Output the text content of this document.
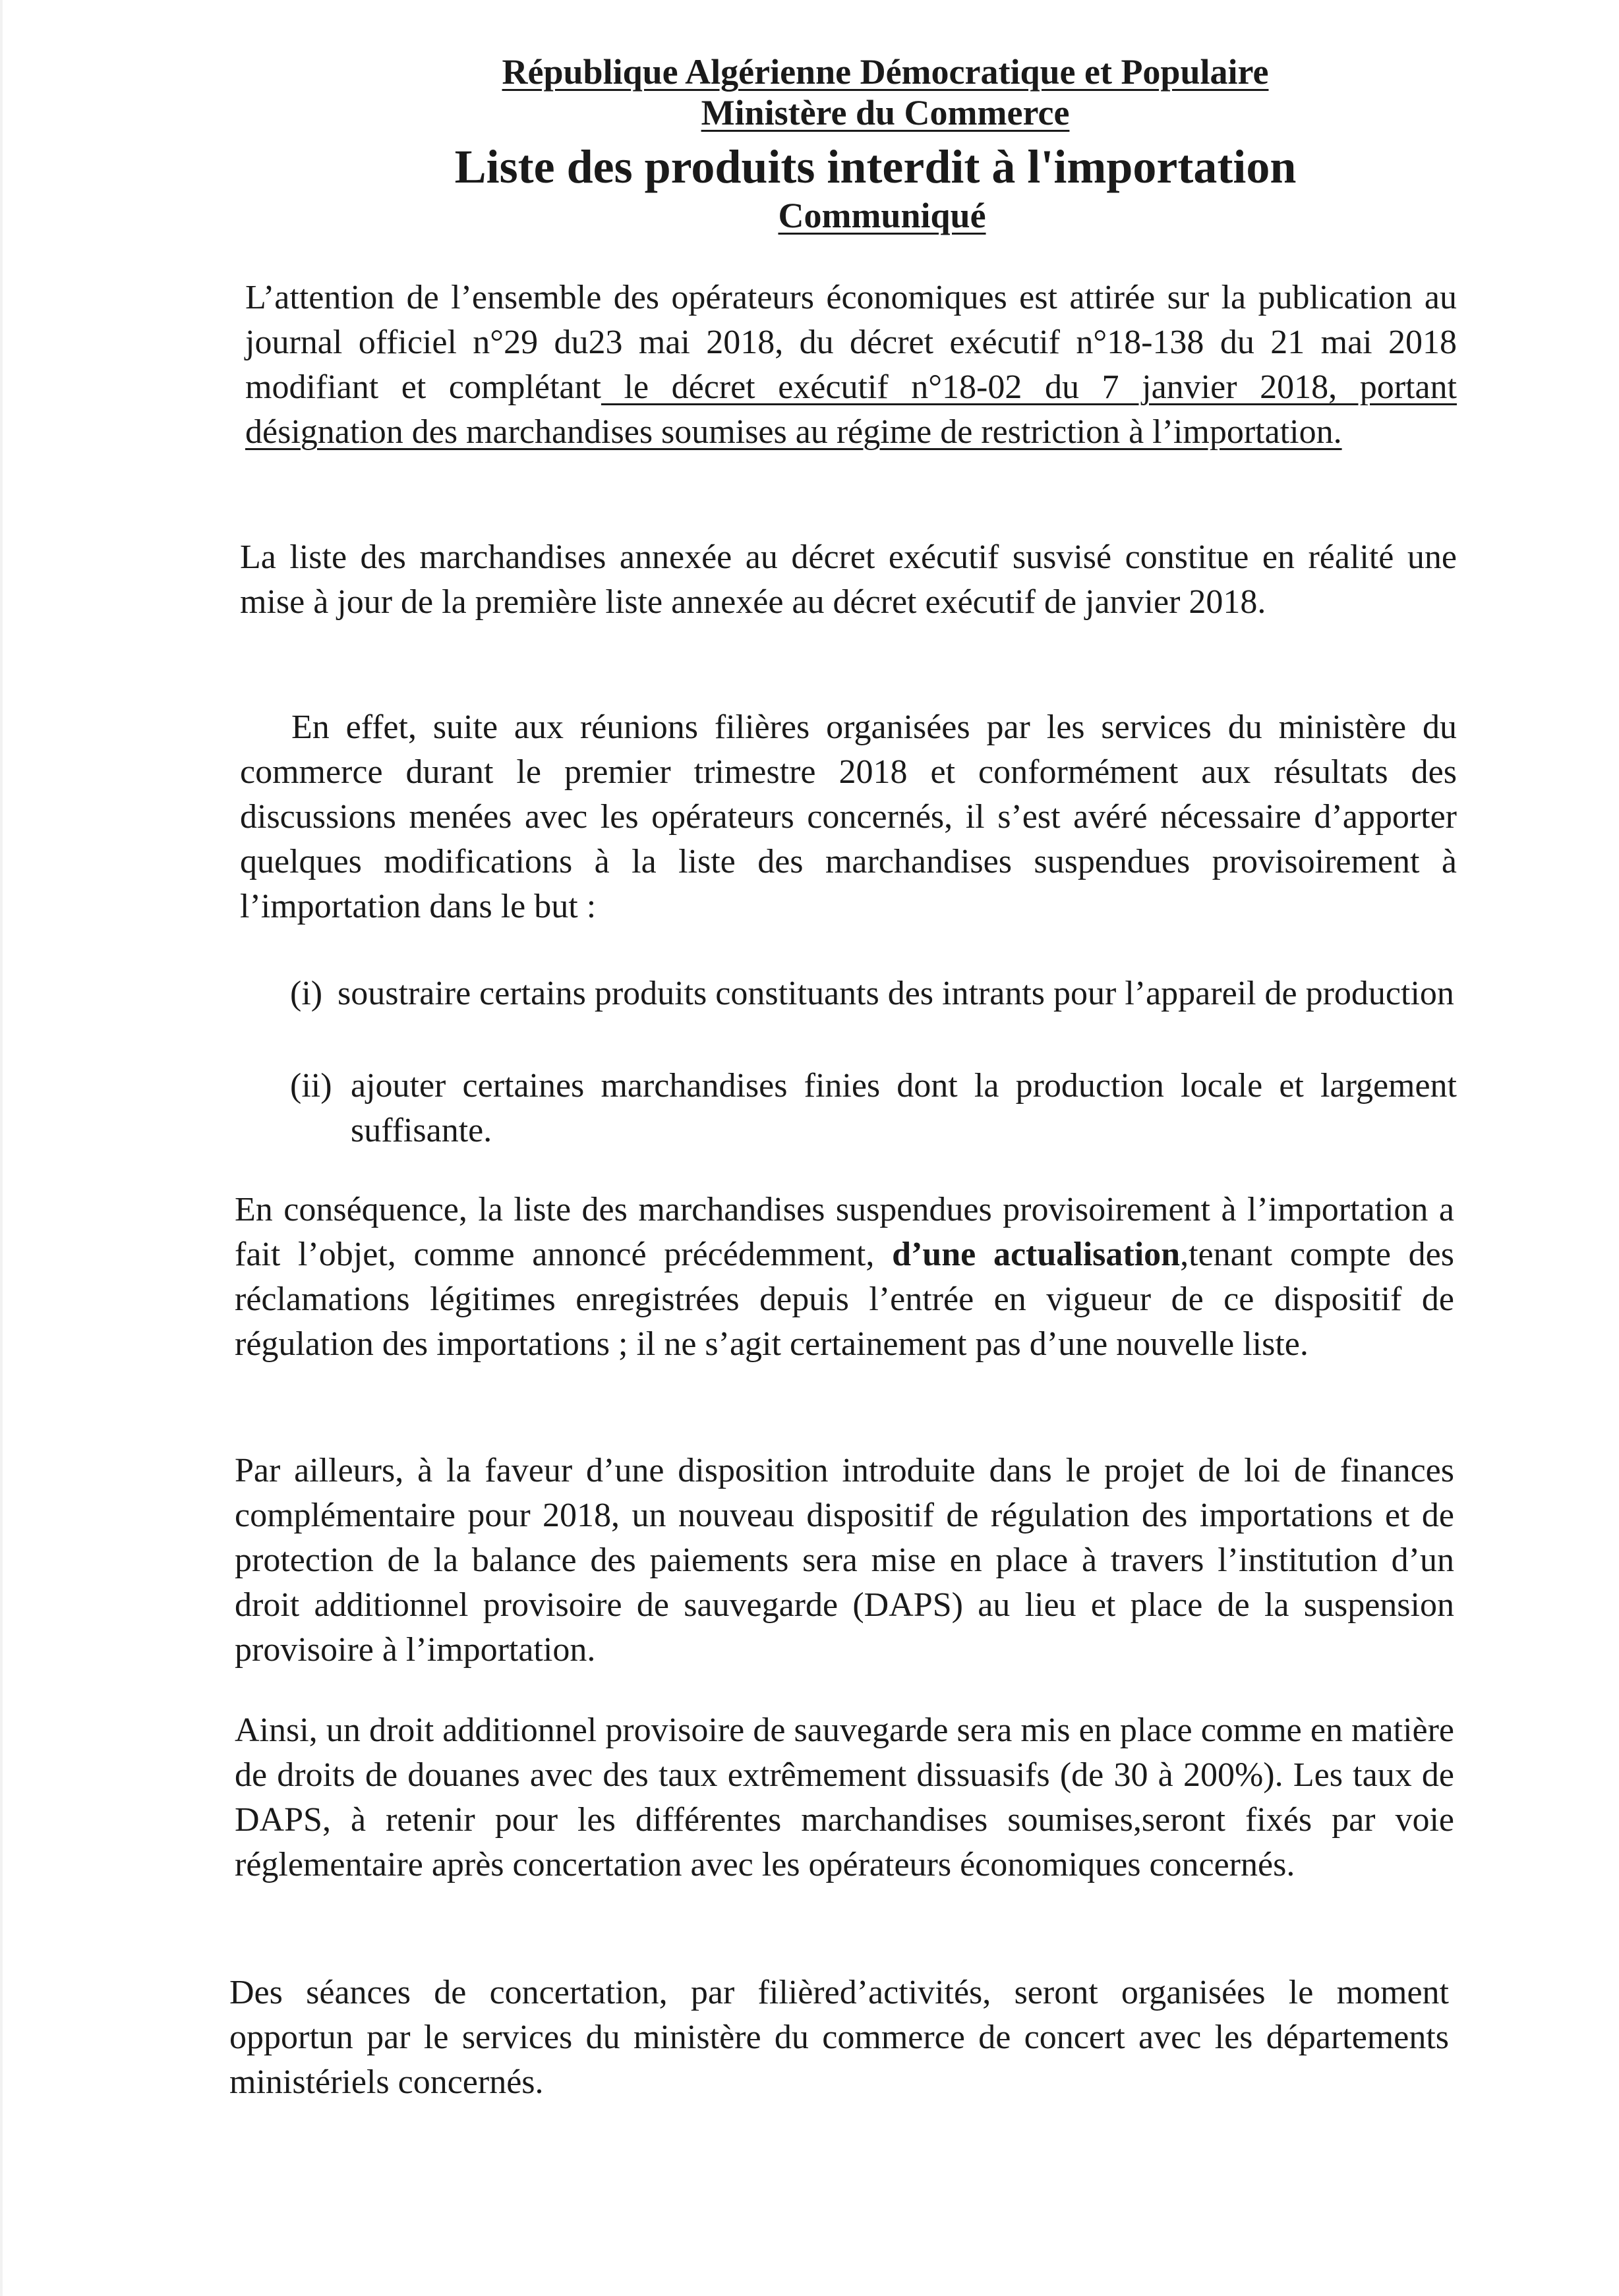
République Algérienne Démocratique et Populaire
Ministère du Commerce
Liste des produits interdit à l'importation
Communiqué

L’attention de l’ensemble des opérateurs économiques est attirée sur la publication au journal officiel n°29 du23 mai 2018, du décret exécutif n°18-138 du 21 mai 2018 modifiant et complétant le décret exécutif n°18-02 du 7 janvier 2018, portant désignation des marchandises soumises au régime de restriction à l’importation.

La liste des marchandises annexée au décret exécutif susvisé constitue en réalité une mise à jour de la première liste annexée au décret exécutif de janvier 2018.

En effet, suite aux réunions filières organisées par les services du ministère du commerce durant le premier trimestre 2018 et conformément aux résultats des discussions menées avec les opérateurs concernés, il s’est avéré nécessaire d’apporter quelques modifications à la liste des marchandises suspendues provisoirement à l’importation dans le but :

(i) soustraire certains produits constituants des intrants pour l’appareil de production
(ii) ajouter certaines marchandises finies dont la production locale et largement suffisante.

En conséquence, la liste des marchandises suspendues provisoirement à l’importation a fait l’objet, comme annoncé précédemment, d’une actualisation,tenant compte des réclamations légitimes enregistrées depuis l’entrée en vigueur de ce dispositif de régulation des importations ; il ne s’agit certainement pas d’une nouvelle liste.

Par ailleurs, à la faveur d’une disposition introduite dans le projet de loi de finances complémentaire pour 2018, un nouveau dispositif de régulation des importations et de protection de la balance des paiements sera mise en place à travers l’institution d’un droit additionnel provisoire de sauvegarde (DAPS) au lieu et place de la suspension provisoire à l’importation.

Ainsi, un droit additionnel provisoire de sauvegarde sera mis en place comme en matière de droits de douanes avec des taux extrêmement dissuasifs (de 30 à 200%). Les taux de DAPS, à retenir pour les différentes marchandises soumises,seront fixés par voie réglementaire après concertation avec les opérateurs économiques concernés.

Des séances de concertation, par filièred’activités, seront organisées le moment opportun par le services du ministère du commerce de concert avec les départements ministériels concernés.
